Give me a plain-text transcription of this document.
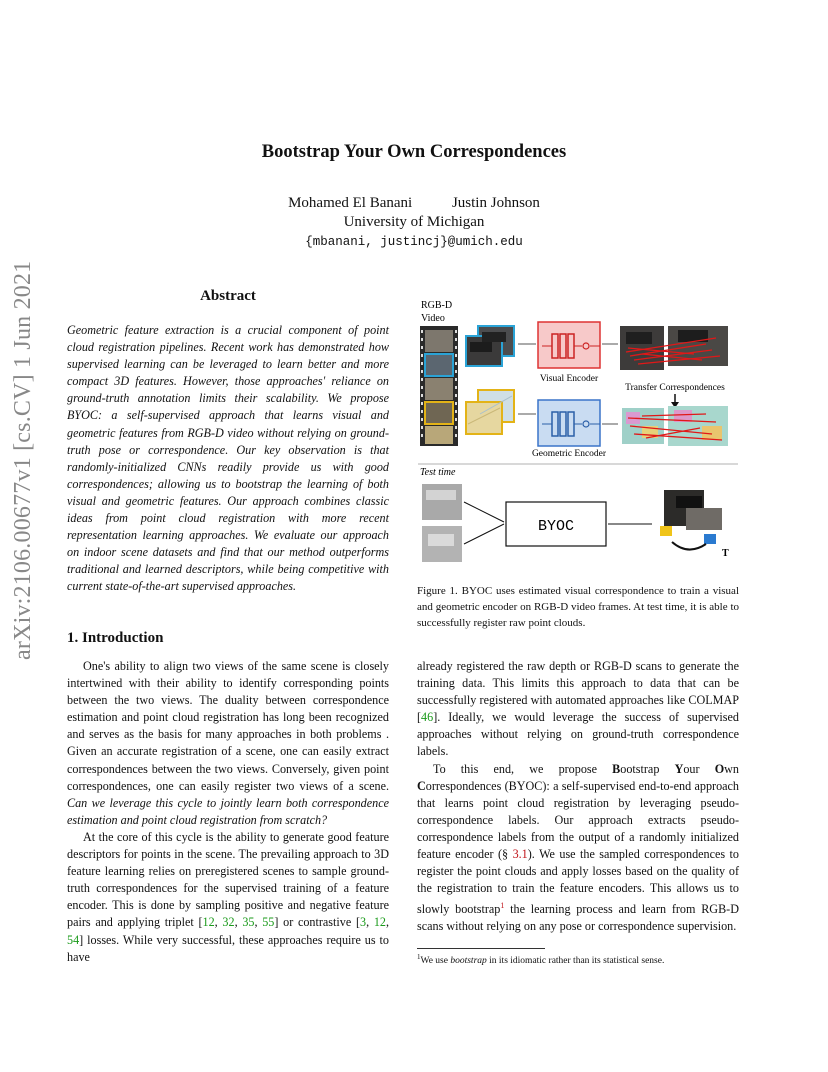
arXiv:2106.00677v1 [cs.CV] 1 Jun 2021
Bootstrap Your Own Correspondences
Mohamed El Banani	Justin Johnson
University of Michigan
{mbanani, justincj}@umich.edu
Abstract
Geometric feature extraction is a crucial component of point cloud registration pipelines. Recent work has demonstrated how supervised learning can be leveraged to learn better and more compact 3D features. However, those approaches' reliance on ground-truth annotation limits their scalability. We propose BYOC: a self-supervised approach that learns visual and geometric features from RGB-D video without relying on ground-truth pose or correspondence. Our key observation is that randomly-initialized CNNs readily provide us with good correspondences; allowing us to bootstrap the learning of both visual and geometric features. Our approach combines classic ideas from point cloud registration with more recent representation learning approaches. We evaluate our approach on indoor scene datasets and find that our method outperforms traditional and learned descriptors, while being competitive with current state-of-the-art supervised approaches.
1. Introduction

One's ability to align two views of the same scene is closely intertwined with their ability to identify corresponding points between the two views. The duality between correspondence estimation and point cloud registration has long been recognized and serves as the basis for many approaches in both problems . Given an accurate registration of a scene, one can easily extract correspondences between the two views. Conversely, given point correspondences, one can easily register two views of a scene. Can we leverage this cycle to jointly learn both correspondence estimation and point cloud registration from scratch?

At the core of this cycle is the ability to generate good feature descriptors for points in the scene. The prevailing approach to 3D feature learning relies on preregistered scenes to sample ground-truth correspondences for the supervised training of a feature encoder. This is done by sampling positive and negative feature pairs and applying triplet [12, 32, 35, 55] or contrastive [3, 12, 54] losses. While very successful, these approaches require us to have

already registered the raw depth or RGB-D scans to generate the training data. This limits this approach to data that can be successfully registered with automated approaches like COLMAP [46]. Ideally, we would leverage the success of supervised approaches without relying on ground-truth correspondence labels.

To this end, we propose Bootstrap Your Own Correspondences (BYOC): a self-supervised end-to-end approach that learns point cloud registration by leveraging pseudo-correspondence labels. Our approach extracts pseudo-correspondence labels from the output of a randomly initialized feature encoder (§ 3.1). We use the sampled correspondences to register the point clouds and apply losses based on the quality of the registration to train the feature encoders. This allows us to slowly bootstrap$^1$ the learning process and learn from RGB-D scans without relying on any pose or correspondence supervision.

RGB-D
Video
Visual Encoder
Geometric Encoder
Transfer Correspondences
Test time
BYOC
T
Figure 1. BYOC uses estimated visual correspondence to train a visual and geometric encoder on RGB-D video frames. At test time, it is able to successfully register raw point clouds.
$^1$We use bootstrap in its idiomatic rather than its statistical sense.
